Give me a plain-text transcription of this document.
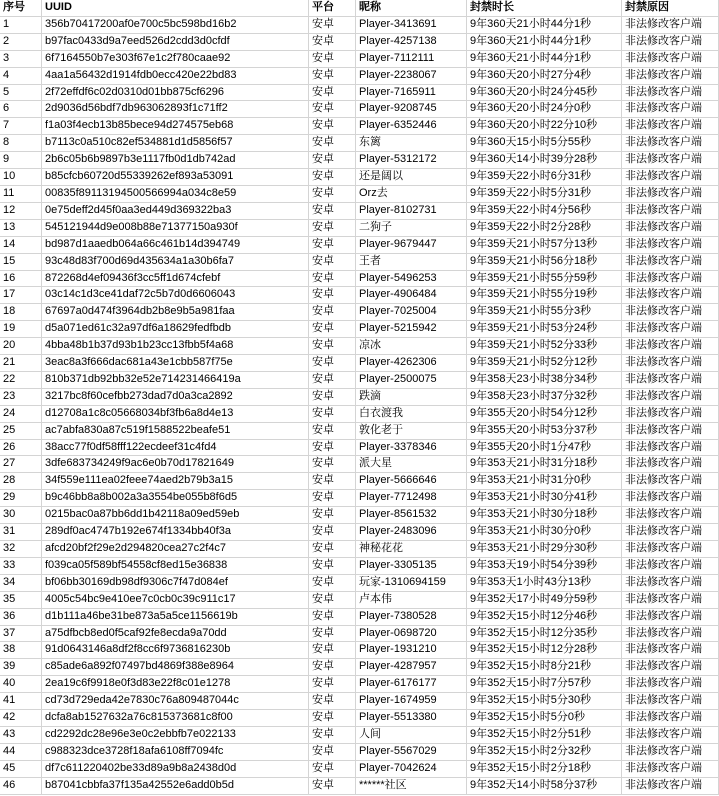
序号	UUID	平台	昵称	封禁时长	封禁原因
1	356b70417200af0e700c5bc598bd16b2	安卓	Player-3413691	9年360天21小时44分1秒	非法修改客户端
2	b97fac0433d9a7eed526d2cdd3d0cfdf	安卓	Player-4257138	9年360天21小时44分1秒	非法修改客户端
3	6f7164550b7e303f67e1c2f780caae92	安卓	Player-7112111	9年360天21小时44分1秒	非法修改客户端
4	4aa1a56432d1914fdb0ecc420e22bd83	安卓	Player-2238067	9年360天20小时27分4秒	非法修改客户端
5	2f72effdf6c02d0310d01bb875cf6296	安卓	Player-7165911	9年360天20小时24分45秒	非法修改客户端
6	2d9036d56bdf7db963062893f1c71ff2	安卓	Player-9208745	9年360天20小时24分0秒	非法修改客户端
7	f1a03f4ecb13b85bece94d274575eb68	安卓	Player-6352446	9年360天20小时22分10秒	非法修改客户端
8	b7113c0a510c82ef534881d1d5856f57	安卓	东篱	9年360天15小时5分55秒	非法修改客户端
9	2b6c05b6b9897b3e1117fb0d1db742ad	安卓	Player-5312172	9年360天14小时39分28秒	非法修改客户端
10	b85cfcb60720d55339262ef893a53091	安卓	还是阔以	9年359天22小时6分31秒	非法修改客户端
11	00835f89113194500566994a034c8e59	安卓	Orz去	9年359天22小时5分31秒	非法修改客户端
12	0e75deff2d45f0aa3ed449d369322ba3	安卓	Player-8102731	9年359天22小时4分56秒	非法修改客户端
13	545121944d9e008b88e71377150a930f	安卓	二狗子	9年359天22小时2分28秒	非法修改客户端
14	bd987d1aaedb064a66c461b14d394749	安卓	Player-9679447	9年359天21小时57分13秒	非法修改客户端
15	93c48d83f700d69d435634a1a30b6fa7	安卓	王者	9年359天21小时56分18秒	非法修改客户端
16	872268d4ef09436f3cc5ff1d674cfebf	安卓	Player-5496253	9年359天21小时55分59秒	非法修改客户端
17	03c14c1d3ce41daf72c5b7d0d6606043	安卓	Player-4906484	9年359天21小时55分19秒	非法修改客户端
18	67697a0d474f3964db2b8e9b5a981faa	安卓	Player-7025004	9年359天21小时55分3秒	非法修改客户端
19	d5a071ed61c32a97df6a18629fedfbdb	安卓	Player-5215942	9年359天21小时53分24秒	非法修改客户端
20	4bba48b1b37d93b1b23cc13fbb5f4a68	安卓	凉冰	9年359天21小时52分33秒	非法修改客户端
21	3eac8a3f666dac681a43e1cbb587f75e	安卓	Player-4262306	9年359天21小时52分12秒	非法修改客户端
22	810b371db92bb32e52e714231466419a	安卓	Player-2500075	9年358天23小时38分34秒	非法修改客户端
23	3217bc8f60cefbb273dad7d0a3ca2892	安卓	跌滴	9年358天23小时37分32秒	非法修改客户端
24	d12708a1c8c05668034bf3fb6a8d4e13	安卓	白衣渡我	9年355天20小时54分12秒	非法修改客户端
25	ac7abfa830a87c519f1588522beafe51	安卓	敦化老于	9年355天20小时53分37秒	非法修改客户端
26	38acc77f0df58fff122ecdeef31c4fd4	安卓	Player-3378346	9年355天20小时1分47秒	非法修改客户端
27	3dfe683734249f9ac6e0b70d17821649	安卓	派大星	9年353天21小时31分18秒	非法修改客户端
28	34f559e111ea02feee74aed2b79b3a15	安卓	Player-5666646	9年353天21小时31分0秒	非法修改客户端
29	b9c46bb8a8b002a3a3554be055b8f6d5	安卓	Player-7712498	9年353天21小时30分41秒	非法修改客户端
30	0215bac0a87bb6dd1b42118a09ed59eb	安卓	Player-8561532	9年353天21小时30分18秒	非法修改客户端
31	289df0ac4747b192e674f1334bb40f3a	安卓	Player-2483096	9年353天21小时30分0秒	非法修改客户端
32	afcd20bf2f29e2d294820cea27c2f4c7	安卓	神秘花花	9年353天21小时29分30秒	非法修改客户端
33	f039ca05f589bf54558cf8ed15e36838	安卓	Player-3305135	9年353天19小时54分39秒	非法修改客户端
34	bf06bb30169db98df9306c7f47d084ef	安卓	玩家-1310694159	9年353天1小时43分13秒	非法修改客户端
35	4005c54bc9e410ee7c0cb0c39c911c17	安卓	卢本伟	9年352天17小时49分59秒	非法修改客户端
36	d1b111a46be31be873a5a5ce1156619b	安卓	Player-7380528	9年352天15小时12分46秒	非法修改客户端
37	a75dfbcb8ed0f5caf92fe8ecda9a70dd	安卓	Player-0698720	9年352天15小时12分35秒	非法修改客户端
38	91d0643146a8df2f8cc6f9736816230b	安卓	Player-1931210	9年352天15小时12分28秒	非法修改客户端
39	c85ade6a892f07497bd4869f388e8964	安卓	Player-4287957	9年352天15小时8分21秒	非法修改客户端
40	2ea19c6f9918e0f3d83e22f8c01e1278	安卓	Player-6176177	9年352天15小时7分57秒	非法修改客户端
41	cd73d729eda42e7830c76a809487044c	安卓	Player-1674959	9年352天15小时5分30秒	非法修改客户端
42	dcfa8ab1527632a76c815373681c8f00	安卓	Player-5513380	9年352天15小时5分0秒	非法修改客户端
43	cd2292dc28e96e3e0c2ebbfb7e022133	安卓	人间	9年352天15小时2分51秒	非法修改客户端
44	c988323dce3728f18afa6108ff7094fc	安卓	Player-5567029	9年352天15小时2分32秒	非法修改客户端
45	df7c611220402be33d89a9b8a2438d0d	安卓	Player-7042624	9年352天15小时2分18秒	非法修改客户端
46	b87041cbbfa37f135a42552e6add0b5d	安卓	******社区	9年352天14小时58分37秒	非法修改客户端
